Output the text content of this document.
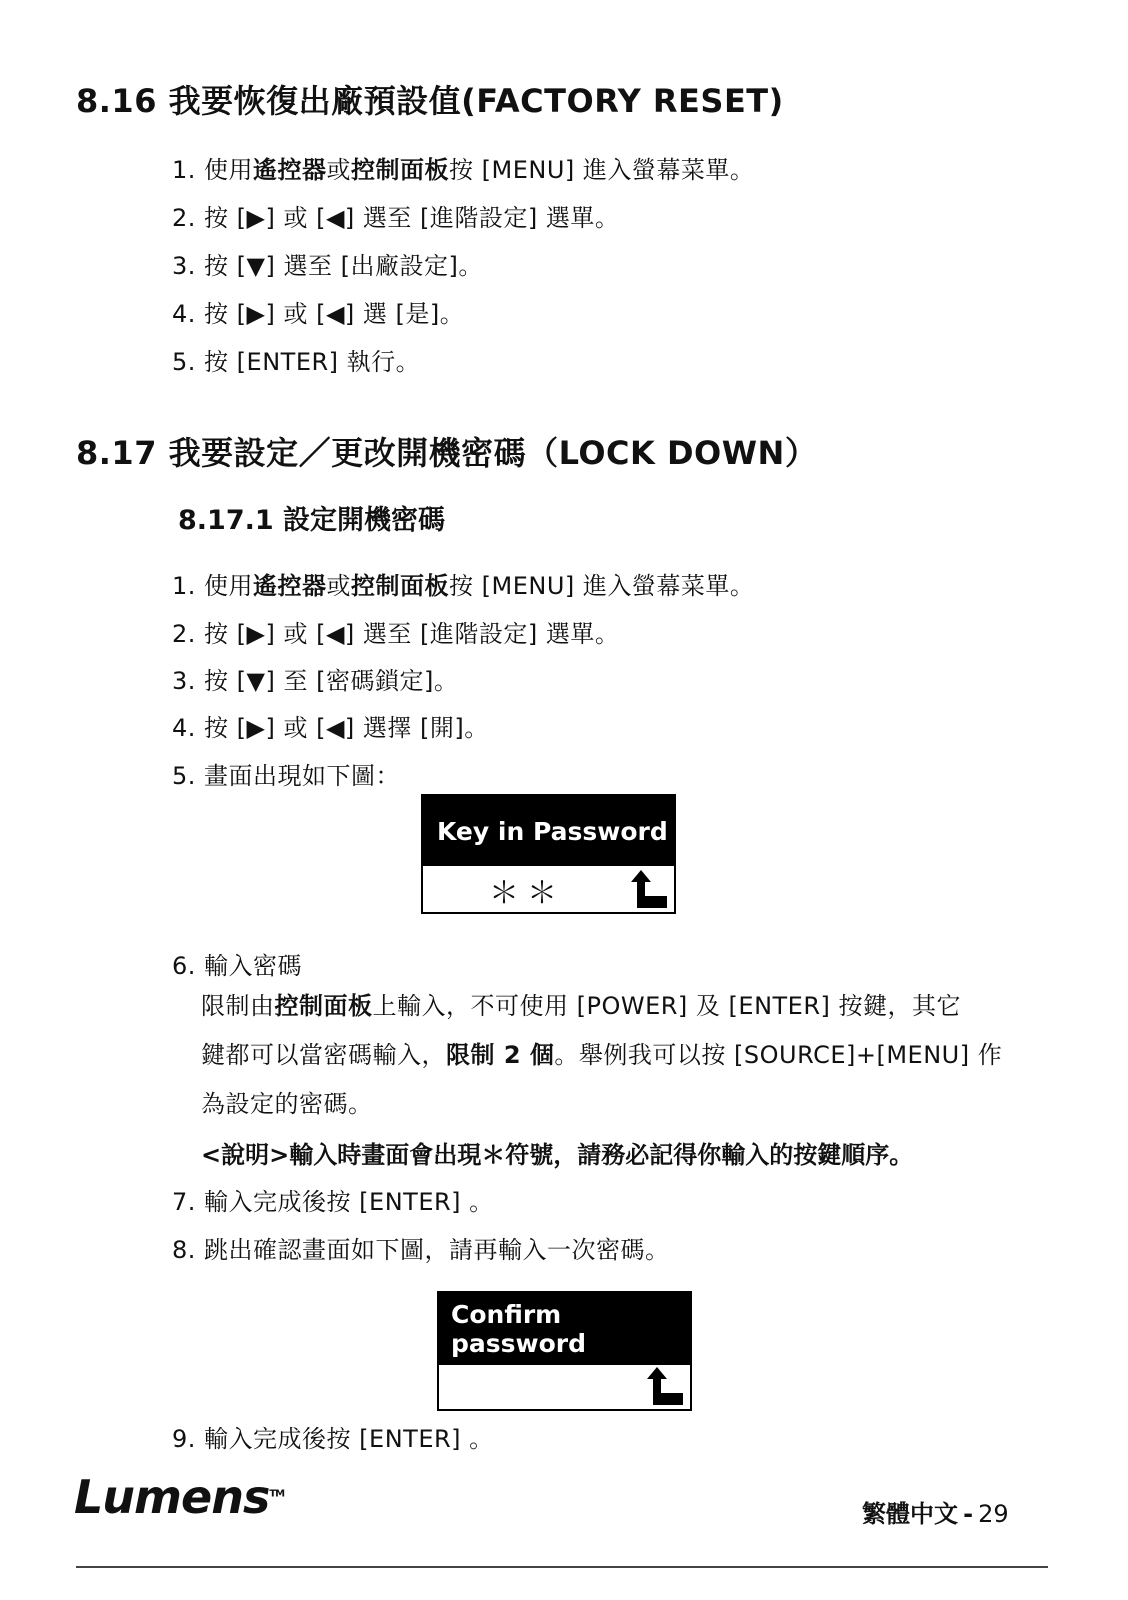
8.16 我要恢復出廠預設值(FACTORY RESET)
1. 使用遙控器或控制面板按 [MENU] 進入螢幕菜單。
2. 按 [▶] 或 [◀] 選至 [進階設定] 選單。
3. 按 [▼] 選至 [出廠設定]。
4. 按 [▶] 或 [◀] 選 [是]。
5. 按 [ENTER] 執行。
8.17 我要設定／更改開機密碼（LOCK DOWN）
8.17.1 設定開機密碼
1. 使用遙控器或控制面板按 [MENU] 進入螢幕菜單。
2. 按 [▶] 或 [◀] 選至 [進階設定] 選單。
3. 按 [▼] 至 [密碼鎖定]。
4. 按 [▶] 或 [◀] 選擇 [開]。
5. 畫面出現如下圖：
Key in Password
＊＊
6. 輸入密碼
限制由控制面板上輸入，不可使用 [POWER] 及 [ENTER] 按鍵，其它
鍵都可以當密碼輸入，限制 2 個。舉例我可以按 [SOURCE]+[MENU] 作
為設定的密碼。
<說明>輸入時畫面會出現＊符號，請務必記得你輸入的按鍵順序。
7. 輸入完成後按 [ENTER] 。
8. 跳出確認畫面如下圖，請再輸入一次密碼。
Confirm password
9. 輸入完成後按 [ENTER] 。
Lumens™
繁體中文 - 29
